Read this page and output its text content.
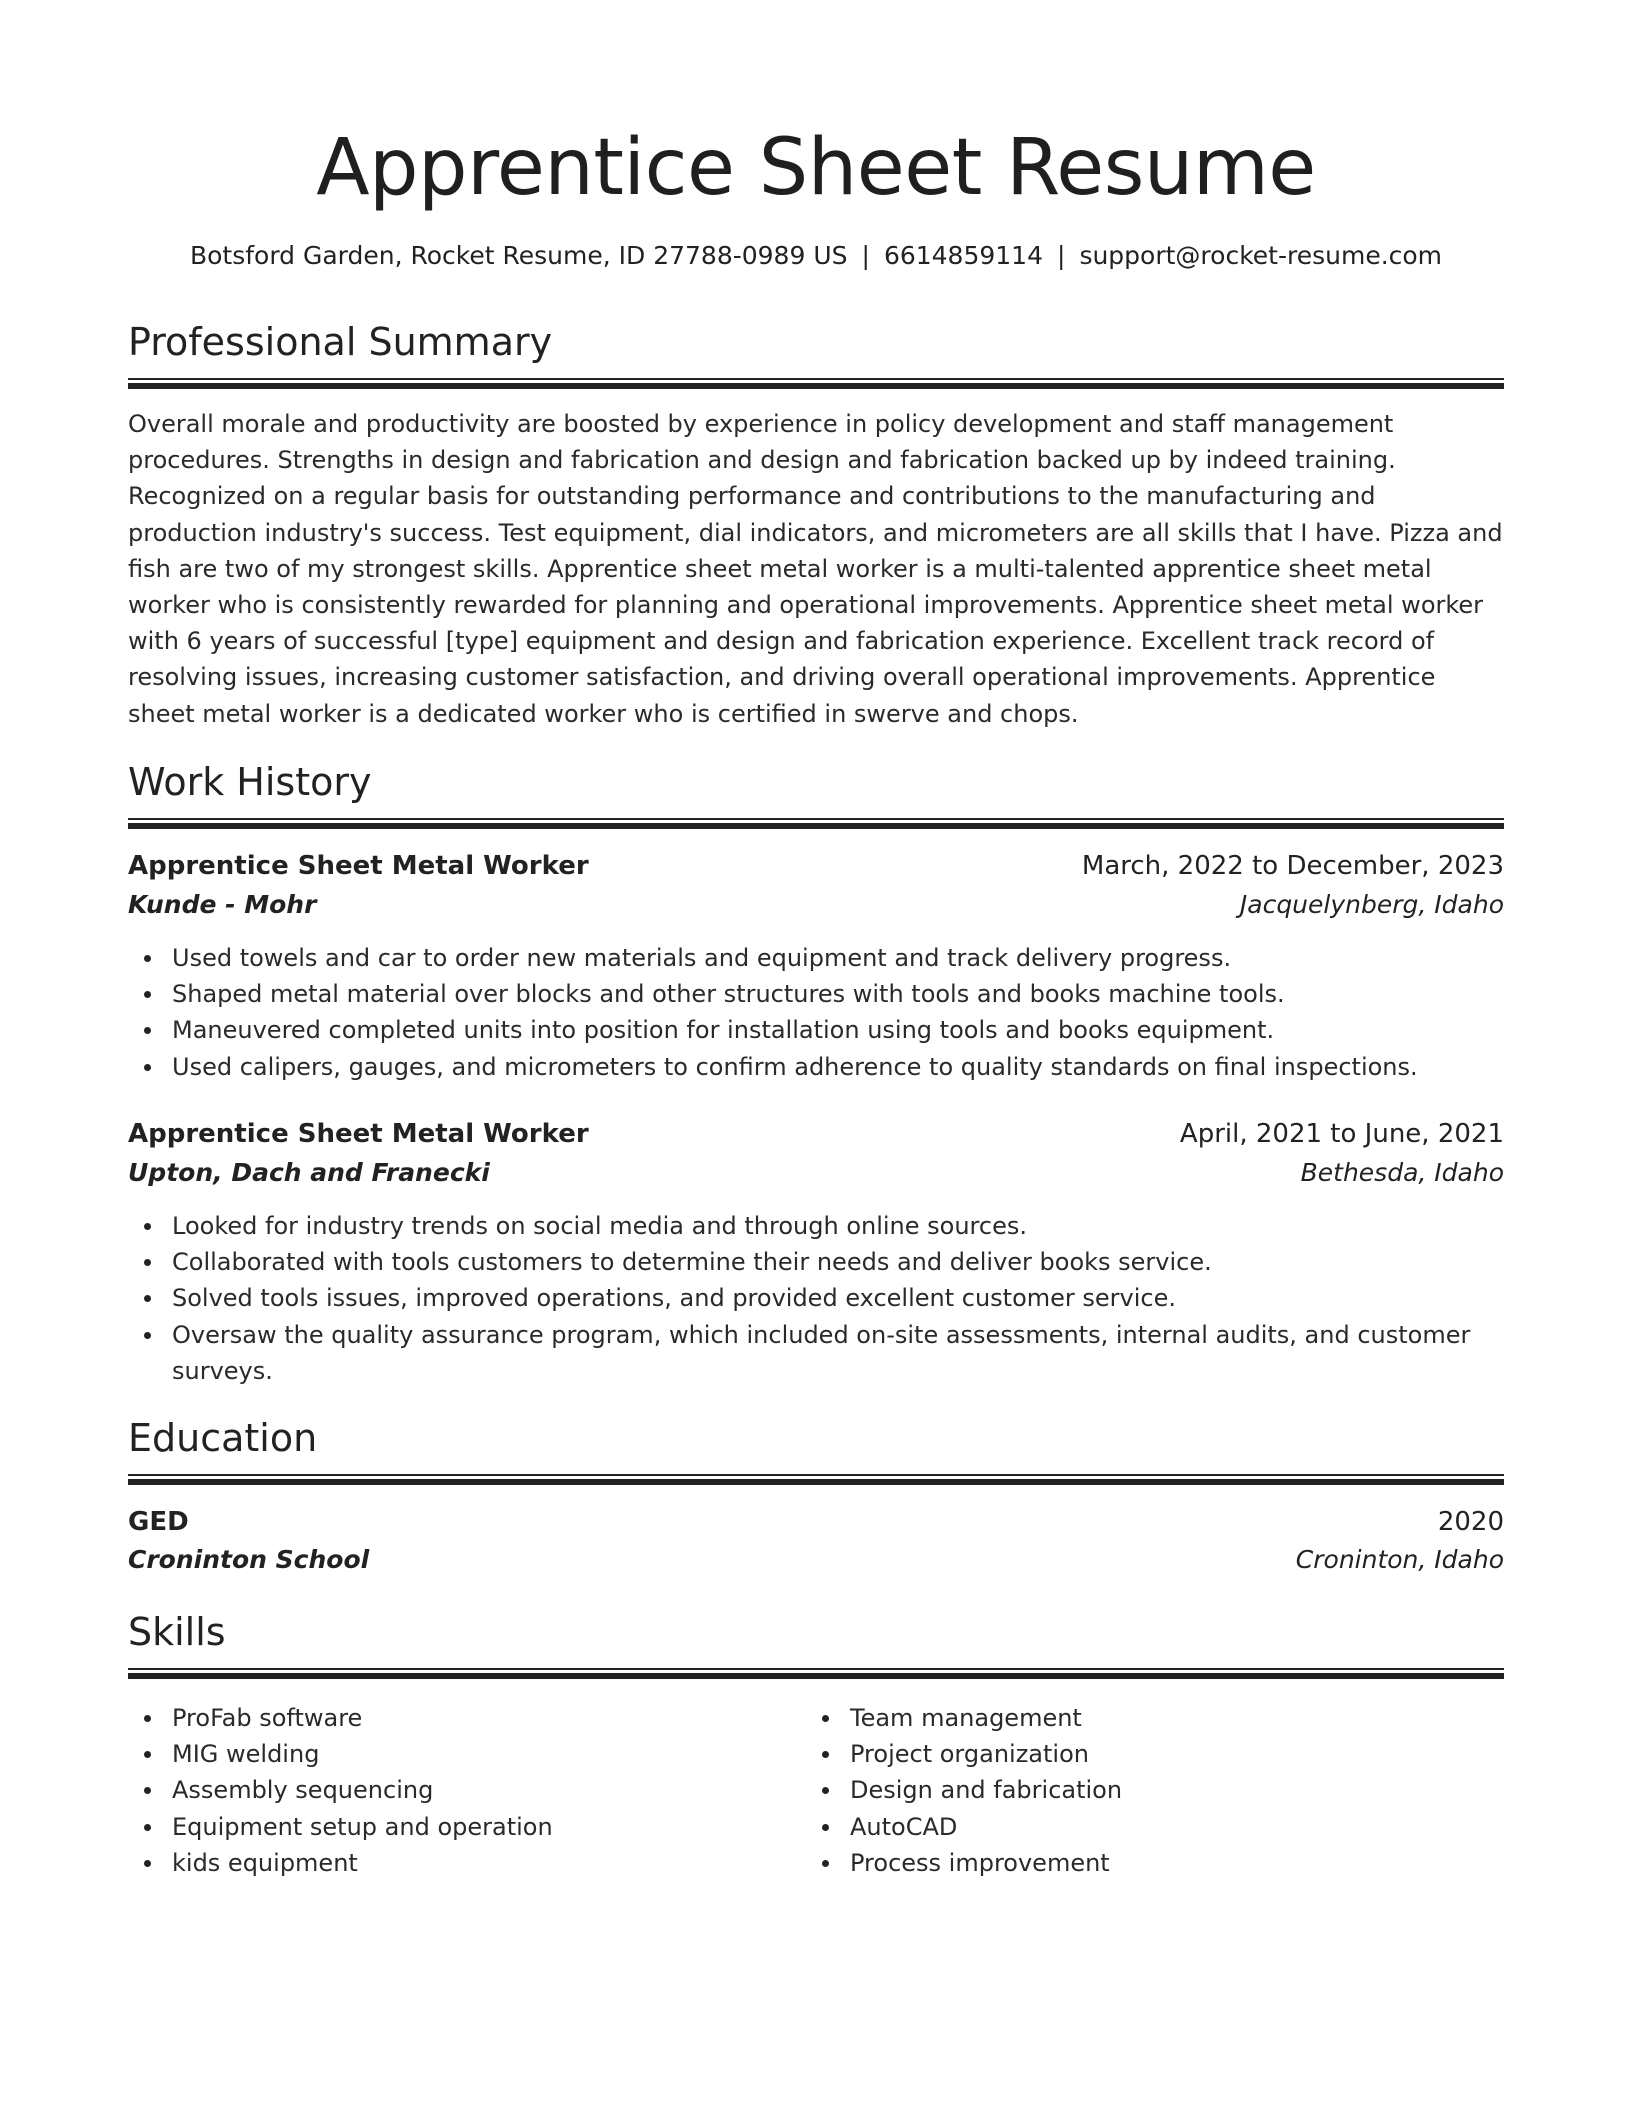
Apprentice Sheet Resume
Botsford Garden, Rocket Resume, ID 27788-0989 US | 6614859114 | support@rocket-resume.com
Professional Summary
Overall morale and productivity are boosted by experience in policy development and staff management procedures. Strengths in design and fabrication and design and fabrication backed up by indeed training. Recognized on a regular basis for outstanding performance and contributions to the manufacturing and production industry's success. Test equipment, dial indicators, and micrometers are all skills that I have. Pizza and fish are two of my strongest skills. Apprentice sheet metal worker is a multi-talented apprentice sheet metal worker who is consistently rewarded for planning and operational improvements. Apprentice sheet metal worker with 6 years of successful [type] equipment and design and fabrication experience. Excellent track record of resolving issues, increasing customer satisfaction, and driving overall operational improvements. Apprentice sheet metal worker is a dedicated worker who is certified in swerve and chops.
Work History
Apprentice Sheet Metal Worker	March, 2022 to December, 2023
Kunde - Mohr	Jacquelynberg, Idaho
Used towels and car to order new materials and equipment and track delivery progress.
Shaped metal material over blocks and other structures with tools and books machine tools.
Maneuvered completed units into position for installation using tools and books equipment.
Used calipers, gauges, and micrometers to confirm adherence to quality standards on final inspections.
Apprentice Sheet Metal Worker	April, 2021 to June, 2021
Upton, Dach and Franecki	Bethesda, Idaho
Looked for industry trends on social media and through online sources.
Collaborated with tools customers to determine their needs and deliver books service.
Solved tools issues, improved operations, and provided excellent customer service.
Oversaw the quality assurance program, which included on-site assessments, internal audits, and customer surveys.
Education
GED	2020
Croninton School	Croninton, Idaho
Skills
ProFab software
MIG welding
Assembly sequencing
Equipment setup and operation
kids equipment
Team management
Project organization
Design and fabrication
AutoCAD
Process improvement
